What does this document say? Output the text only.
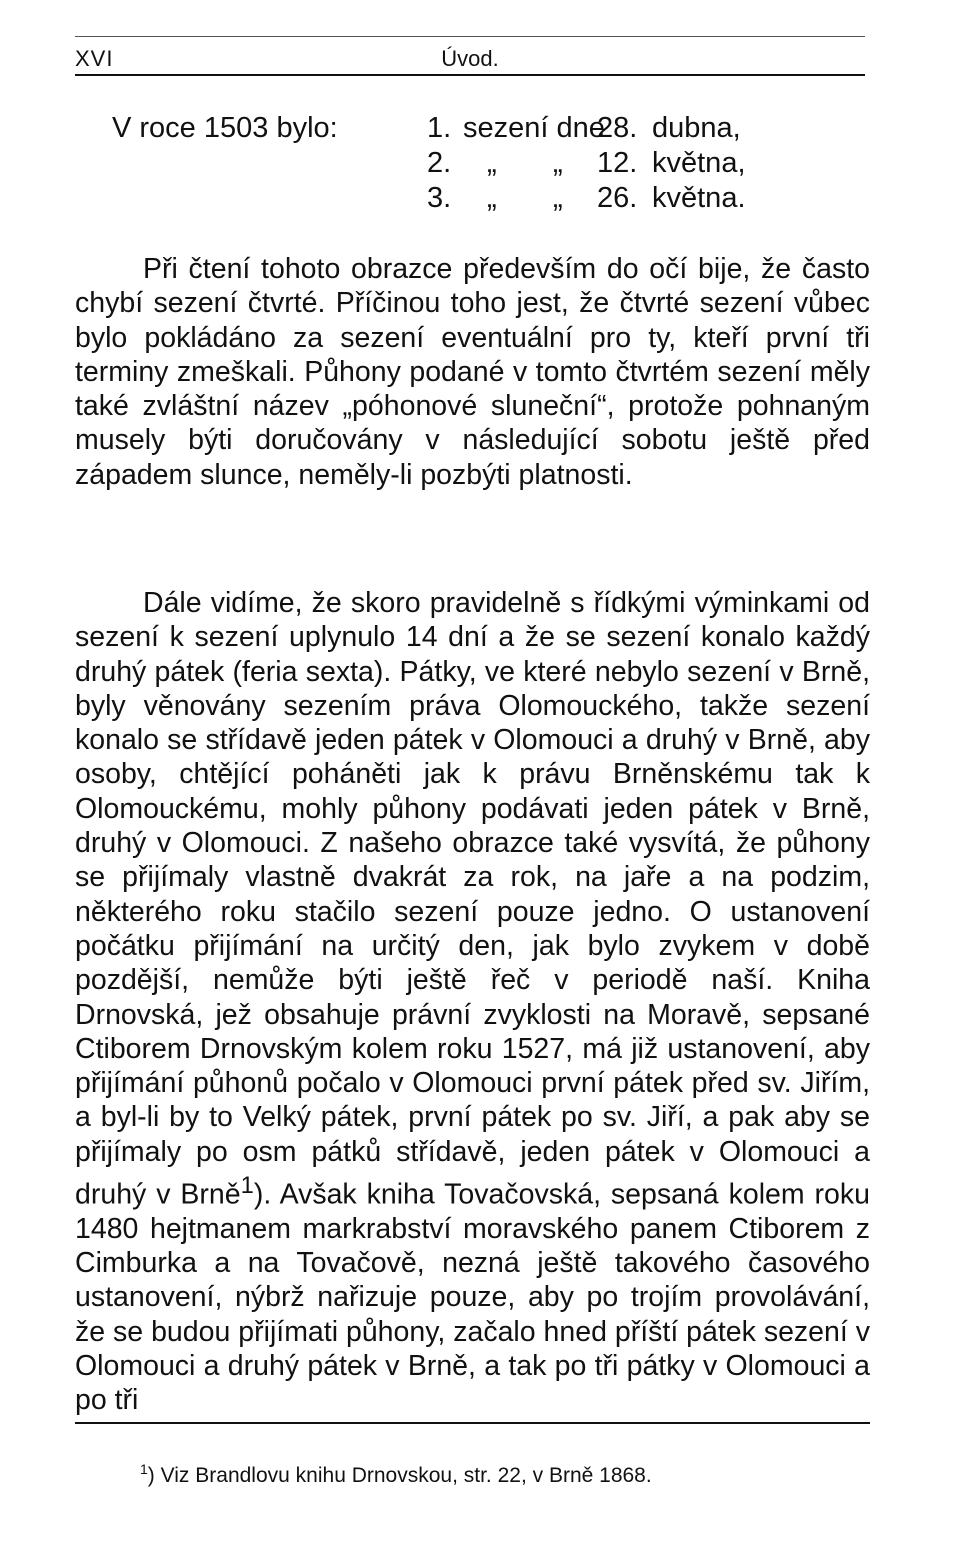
XVI	Úvod.
V roce 1503 bylo:	1. sezení dne
28. dubna,
2. „       „ 12. května,
3. „       „ 26. května.

Při čtení tohoto obrazce především do očí bije, že často chybí sezení čtvrté. Příčinou toho jest, že čtvrté sezení vůbec bylo pokládáno za sezení eventuální pro ty, kteří první tři terminy zmeškali. Půhony podané v tomto čtvrtém sezení měly také zvláštní název „póhonové sluneční“, protože pohnaným musely býti doručovány v následující sobotu ještě před západem slunce, neměly-li pozbýti platnosti.

Dále vidíme, že skoro pravidelně s řídkými výminkami od sezení k sezení uplynulo 14 dní a že se sezení konalo každý druhý pátek (feria sexta). Pátky, ve které nebylo sezení v Brně, byly věnovány sezením práva Olomouckého, takže sezení konalo se střídavě jeden pátek v Olomouci a druhý v Brně, aby osoby, chtějící poháněti jak k právu Brněnskému tak k Olomouckému, mohly půhony podávati jeden pátek v Brně, druhý v Olomouci. Z našeho obrazce také vysvítá, že půhony se přijímaly vlastně dvakrát za rok, na jaře a na podzim, některého roku stačilo sezení pouze jedno. O ustanovení počátku přijímání na určitý den, jak bylo zvykem v době pozdější, nemůže býti ještě řeč v periodě naší. Kniha Drnovská, jež obsahuje právní zvyklosti na Moravě, sepsané Ctiborem Drnovským kolem roku 1527, má již ustanovení, aby přijímání půhonů počalo v Olomouci první pátek před sv. Jiřím, a byl-li by to Velký pátek, první pátek po sv. Jiří, a pak aby se přijímaly po osm pátků střídavě, jeden pátek v Olomouci a druhý v Brně$^1$). Avšak kniha Tovačovská, sepsaná kolem roku 1480 hejtmanem markrabství moravského panem Ctiborem z Cimburka a na Tovačově, nezná ještě takového časového ustanovení, nýbrž nařizuje pouze, aby po trojím provolávání, že se budou přijímati půhony, začalo hned příští pátek sezení v Olomouci a druhý pátek v Brně, a tak po tři pátky v Olomouci a po tři

$^1$) Viz Brandlovu knihu Drnovskou, str. 22, v Brně 1868.
